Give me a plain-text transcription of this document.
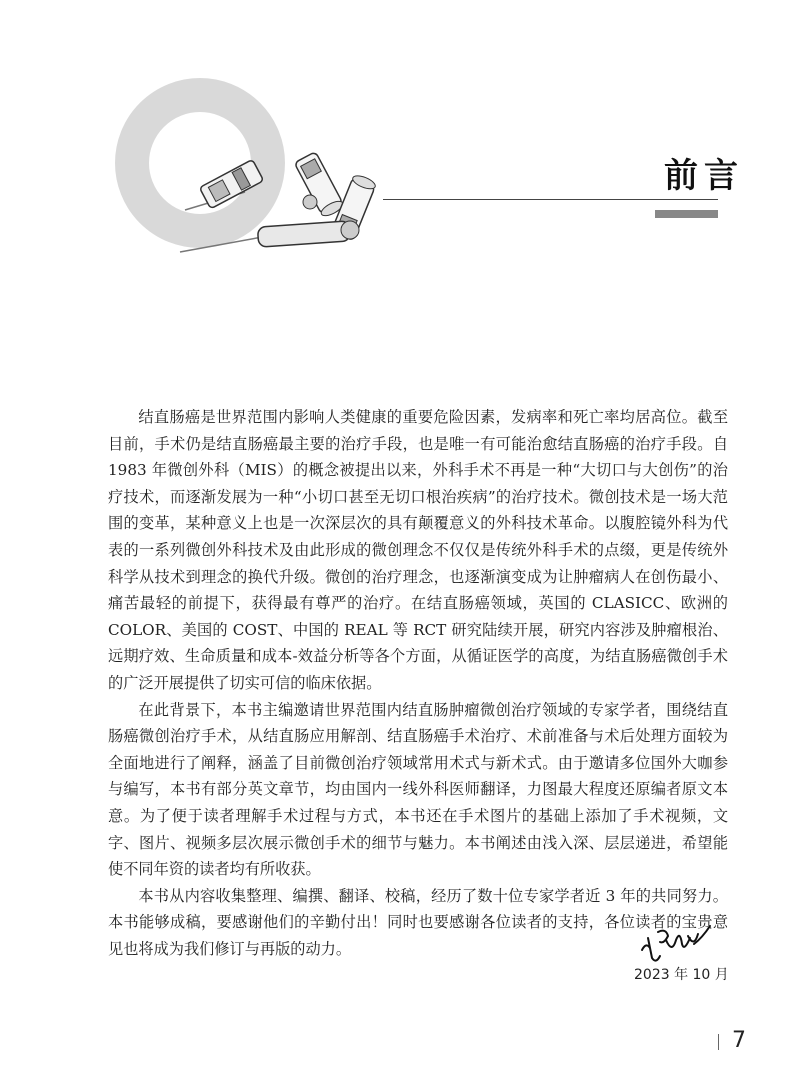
前言

结直肠癌是世界范围内影响人类健康的重要危险因素，发病率和死亡率均居高位。截至目前，手术仍是结直肠癌最主要的治疗手段，也是唯一有可能治愈结直肠癌的治疗手段。自 1983 年微创外科（MIS）的概念被提出以来，外科手术不再是一种“大切口与大创伤”的治疗技术，而逐渐发展为一种“小切口甚至无切口根治疾病”的治疗技术。微创技术是一场大范围的变革，某种意义上也是一次深层次的具有颠覆意义的外科技术革命。以腹腔镜外科为代表的一系列微创外科技术及由此形成的微创理念不仅仅是传统外科手术的点缀，更是传统外科学从技术到理念的换代升级。微创的治疗理念，也逐渐演变成为让肿瘤病人在创伤最小、痛苦最轻的前提下，获得最有尊严的治疗。在结直肠癌领域，英国的 CLASICC、欧洲的 COLOR、美国的 COST、中国的 REAL 等 RCT 研究陆续开展，研究内容涉及肿瘤根治、远期疗效、生命质量和成本-效益分析等各个方面，从循证医学的高度，为结直肠癌微创手术的广泛开展提供了切实可信的临床依据。

在此背景下，本书主编邀请世界范围内结直肠肿瘤微创治疗领域的专家学者，围绕结直肠癌微创治疗手术，从结直肠应用解剖、结直肠癌手术治疗、术前准备与术后处理方面较为全面地进行了阐释，涵盖了目前微创治疗领域常用术式与新术式。由于邀请多位国外大咖参与编写，本书有部分英文章节，均由国内一线外科医师翻译，力图最大程度还原编者原文本意。为了便于读者理解手术过程与方式，本书还在手术图片的基础上添加了手术视频，文字、图片、视频多层次展示微创手术的细节与魅力。本书阐述由浅入深、层层递进，希望能使不同年资的读者均有所收获。

本书从内容收集整理、编撰、翻译、校稿，经历了数十位专家学者近 3 年的共同努力。本书能够成稿，要感谢他们的辛勤付出！同时也要感谢各位读者的支持，各位读者的宝贵意见也将成为我们修订与再版的动力。

2023 年 10 月
7
